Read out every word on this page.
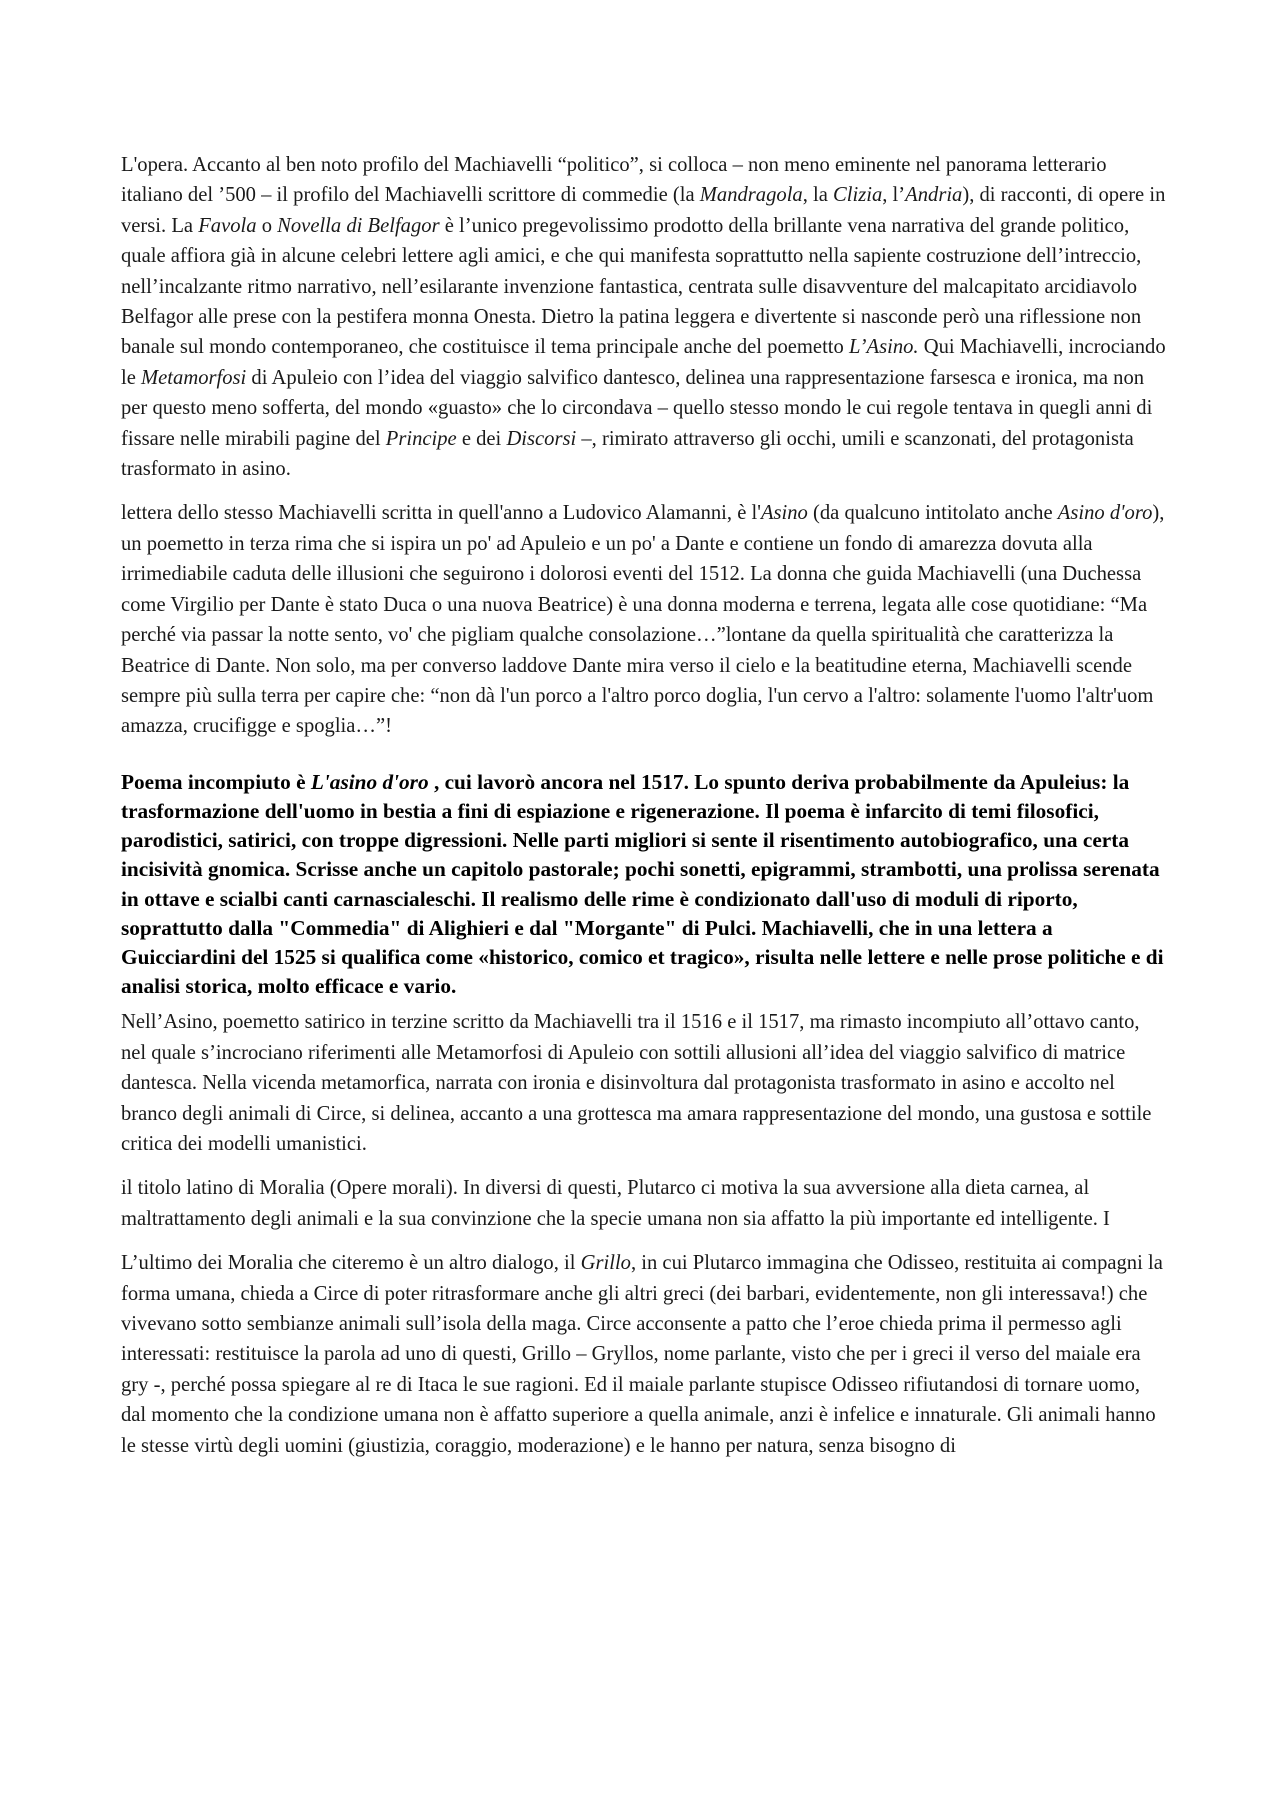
L'opera. Accanto al ben noto profilo del Machiavelli “politico”, si colloca – non meno eminente nel panorama letterario italiano del ’500 – il profilo del Machiavelli scrittore di commedie (la Mandragola, la Clizia, l’Andria), di racconti, di opere in versi. La Favola o Novella di Belfagor è l’unico pregevolissimo prodotto della brillante vena narrativa del grande politico, quale affiora già in alcune celebri lettere agli amici, e che qui manifesta soprattutto nella sapiente costruzione dell’intreccio, nell’incalzante ritmo narrativo, nell’esilarante invenzione fantastica, centrata sulle disavventure del malcapitato arcidiavolo Belfagor alle prese con la pestifera monna Onesta. Dietro la patina leggera e divertente si nasconde però una riflessione non banale sul mondo contemporaneo, che costituisce il tema principale anche del poemetto L’Asino. Qui Machiavelli, incrociando le Metamorfosi di Apuleio con l’idea del viaggio salvifico dantesco, delinea una rappresentazione farsesca e ironica, ma non per questo meno sofferta, del mondo «guasto» che lo circondava – quello stesso mondo le cui regole tentava in quegli anni di fissare nelle mirabili pagine del Principe e dei Discorsi –, rimirato attraverso gli occhi, umili e scanzonati, del protagonista trasformato in asino.

lettera dello stesso Machiavelli scritta in quell'anno a Ludovico Alamanni, è l'Asino (da qualcuno intitolato anche Asino d'oro), un poemetto in terza rima che si ispira un po' ad Apuleio e un po' a Dante e contiene un fondo di amarezza dovuta alla irrimediabile caduta delle illusioni che seguirono i dolorosi eventi del 1512. La donna che guida Machiavelli (una Duchessa come Virgilio per Dante è stato Duca o una nuova Beatrice) è una donna moderna e terrena, legata alle cose quotidiane: “Ma perché via passar la notte sento, vo' che pigliam qualche consolazione…”lontane da quella spiritualità che caratterizza la Beatrice di Dante. Non solo, ma per converso laddove Dante mira verso il cielo e la beatitudine eterna, Machiavelli scende sempre più sulla terra per capire che: “non dà l'un porco a l'altro porco doglia, l'un cervo a l'altro: solamente l'uomo l'altr'uom amazza, crucifigge e spoglia…”!

Poema incompiuto è L'asino d'oro , cui lavorò ancora nel 1517. Lo spunto deriva probabilmente da Apuleius: la trasformazione dell'uomo in bestia a fini di espiazione e rigenerazione. Il poema è infarcito di temi filosofici, parodistici, satirici, con troppe digressioni. Nelle parti migliori si sente il risentimento autobiografico, una certa incisività gnomica. Scrisse anche un capitolo pastorale; pochi sonetti, epigrammi, strambotti, una prolissa serenata in ottave e scialbi canti carnascialeschi. Il realismo delle rime è condizionato dall'uso di moduli di riporto, soprattutto dalla "Commedia" di Alighieri e dal "Morgante" di Pulci. Machiavelli, che in una lettera a Guicciardini del 1525 si qualifica come «historico, comico et tragico», risulta nelle lettere e nelle prose politiche e di analisi storica, molto efficace e vario.

Nell’Asino, poemetto satirico in terzine scritto da Machiavelli tra il 1516 e il 1517, ma rimasto incompiuto all’ottavo canto, nel quale s’incrociano riferimenti alle Metamorfosi di Apuleio con sottili allusioni all’idea del viaggio salvifico di matrice dantesca. Nella vicenda metamorfica, narrata con ironia e disinvoltura dal protagonista trasformato in asino e accolto nel branco degli animali di Circe, si delinea, accanto a una grottesca ma amara rappresentazione del mondo, una gustosa e sottile critica dei modelli umanistici.

il titolo latino di Moralia (Opere morali). In diversi di questi, Plutarco ci motiva la sua avversione alla dieta carnea, al maltrattamento degli animali e la sua convinzione che la specie umana non sia affatto la più importante ed intelligente. I

L’ultimo dei Moralia che citeremo è un altro dialogo, il Grillo, in cui Plutarco immagina che Odisseo, restituita ai compagni la forma umana, chieda a Circe di poter ritrasformare anche gli altri greci (dei barbari, evidentemente, non gli interessava!) che vivevano sotto sembianze animali sull’isola della maga. Circe acconsente a patto che l’eroe chieda prima il permesso agli interessati: restituisce la parola ad uno di questi, Grillo – Gryllos, nome parlante, visto che per i greci il verso del maiale era gry -, perché possa spiegare al re di Itaca le sue ragioni. Ed il maiale parlante stupisce Odisseo rifiutandosi di tornare uomo, dal momento che la condizione umana non è affatto superiore a quella animale, anzi è infelice e innaturale. Gli animali hanno le stesse virtù degli uomini (giustizia, coraggio, moderazione) e le hanno per natura, senza bisogno di
